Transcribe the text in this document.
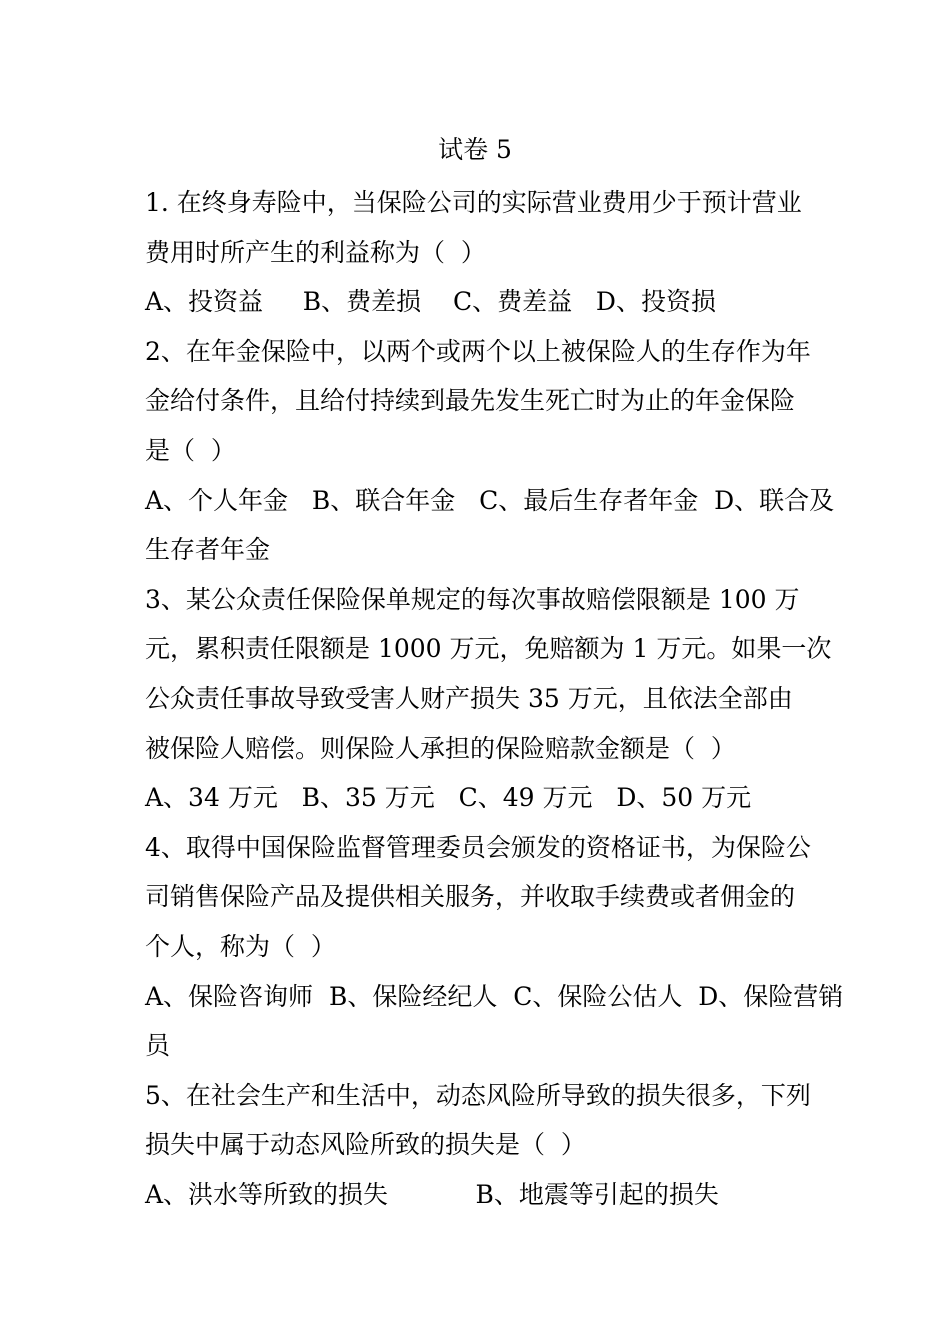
试卷 5
1. 在终身寿险中，当保险公司的实际营业费用少于预计营业
费用时所产生的利益称为（  ）
A、投资益     B、费差损    C、费差益   D、投资损
2、在年金保险中，以两个或两个以上被保险人的生存作为年
金给付条件，且给付持续到最先发生死亡时为止的年金保险
是（  ）
A、个人年金   B、联合年金   C、最后生存者年金  D、联合及
生存者年金
3、某公众责任保险保单规定的每次事故赔偿限额是 100 万
元，累积责任限额是 1000 万元，免赔额为 1 万元。如果一次
公众责任事故导致受害人财产损失 35 万元，且依法全部由
被保险人赔偿。则保险人承担的保险赔款金额是（  ）
A、34 万元   B、35 万元   C、49 万元   D、50 万元
4、取得中国保险监督管理委员会颁发的资格证书，为保险公
司销售保险产品及提供相关服务，并收取手续费或者佣金的
个人，称为（  ）
A、保险咨询师  B、保险经纪人  C、保险公估人  D、保险营销
员
5、在社会生产和生活中，动态风险所导致的损失很多，下列
损失中属于动态风险所致的损失是（  ）
A、洪水等所致的损失           B、地震等引起的损失
